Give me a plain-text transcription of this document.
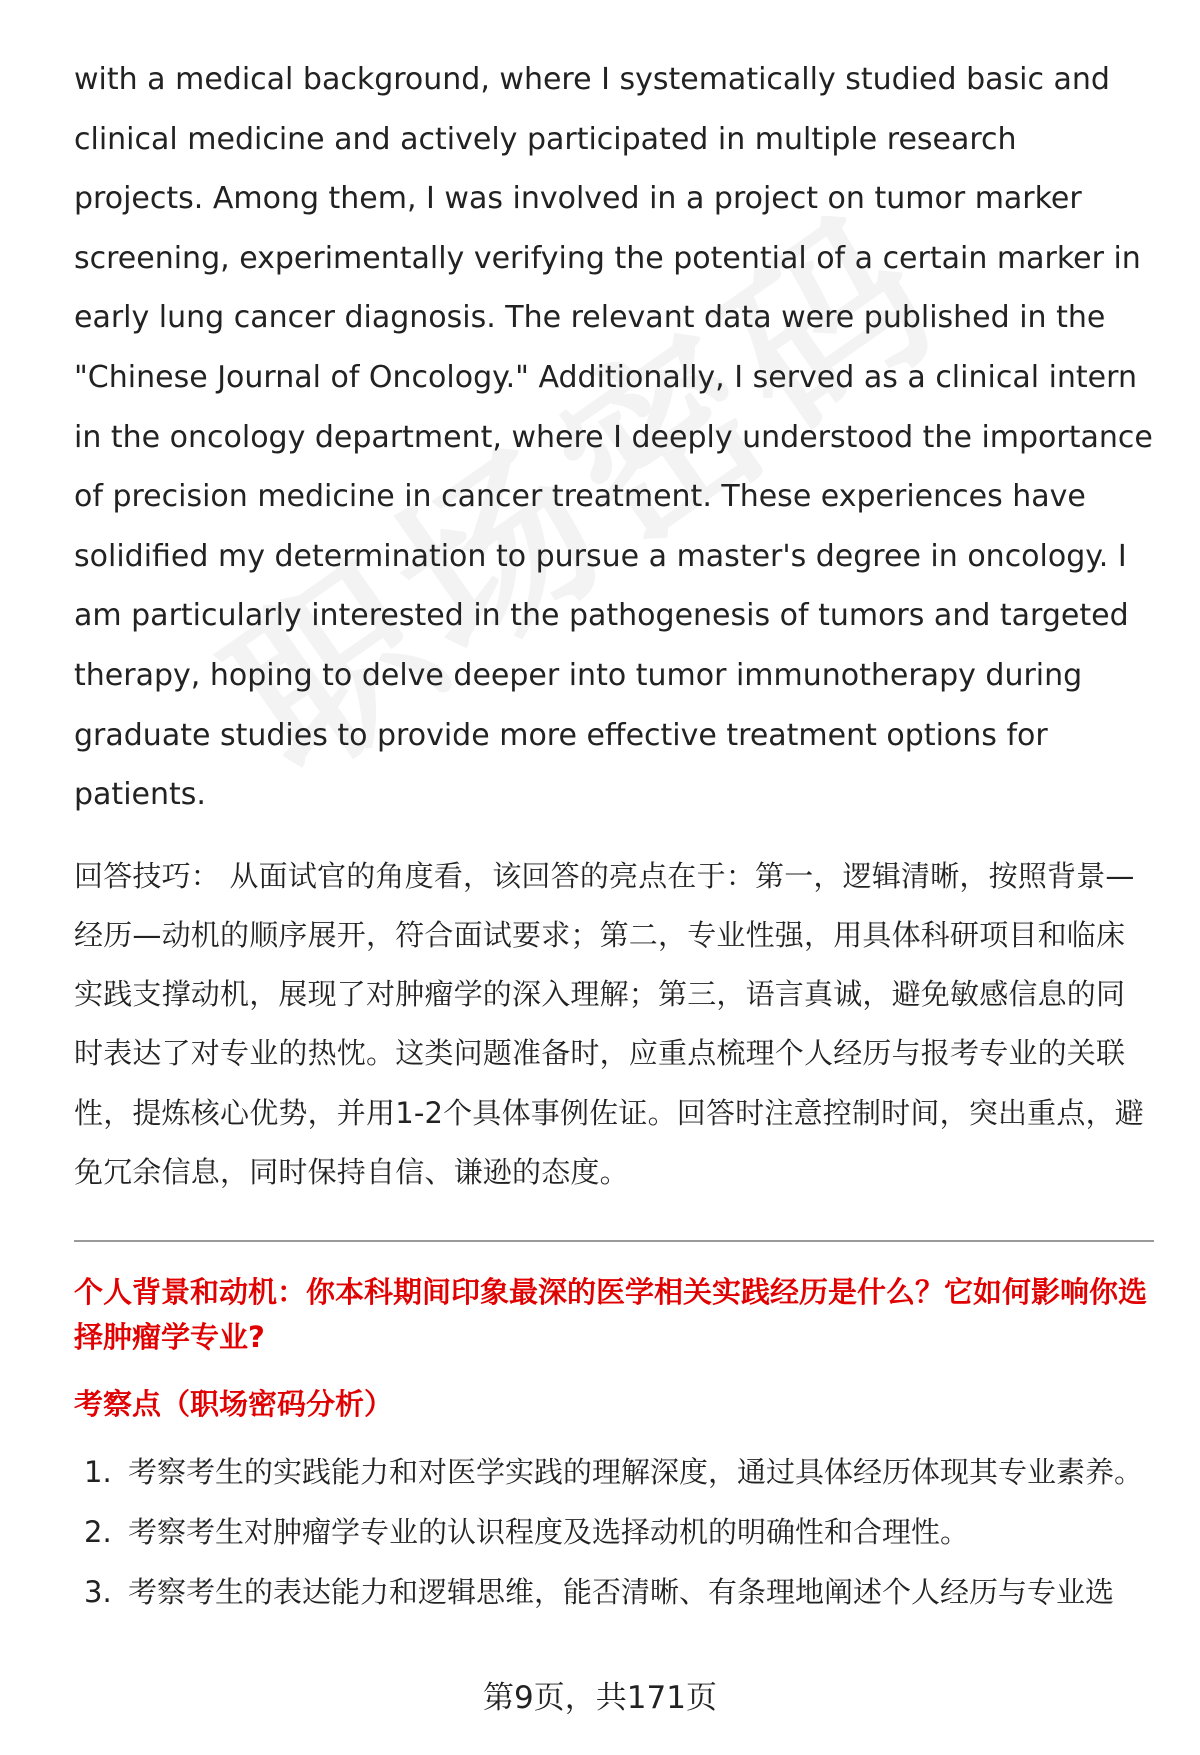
with a medical background, where I systematically studied basic and clinical medicine and actively participated in multiple research projects. Among them, I was involved in a project on tumor marker screening, experimentally verifying the potential of a certain marker in early lung cancer diagnosis. The relevant data were published in the "Chinese Journal of Oncology." Additionally, I served as a clinical intern in the oncology department, where I deeply understood the importance of precision medicine in cancer treatment. These experiences have solidified my determination to pursue a master's degree in oncology. I am particularly interested in the pathogenesis of tumors and targeted therapy, hoping to delve deeper into tumor immunotherapy during graduate studies to provide more effective treatment options for patients.

回答技巧： 从面试官的角度看，该回答的亮点在于：第一，逻辑清晰，按照背景—经历—动机的顺序展开，符合面试要求；第二，专业性强，用具体科研项目和临床实践支撑动机，展现了对肿瘤学的深入理解；第三，语言真诚，避免敏感信息的同时表达了对专业的热忱。这类问题准备时，应重点梳理个人经历与报考专业的关联性，提炼核心优势，并用1-2个具体事例佐证。回答时注意控制时间，突出重点，避免冗余信息，同时保持自信、谦逊的态度。

个人背景和动机：你本科期间印象最深的医学相关实践经历是什么？它如何影响你选择肿瘤学专业?

考察点（职场密码分析）

1. 考察考生的实践能力和对医学实践的理解深度，通过具体经历体现其专业素养。
2. 考察考生对肿瘤学专业的认识程度及选择动机的明确性和合理性。
3. 考察考生的表达能力和逻辑思维，能否清晰、有条理地阐述个人经历与专业选
第9页，共171页
